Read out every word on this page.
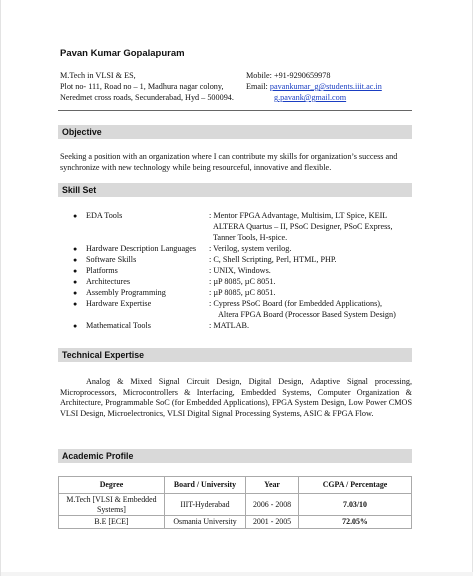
Pavan Kumar Gopalapuram
M.Tech in VLSI & ES,
Plot no- 111, Road no – 1, Madhura nagar colony,
Neredmet cross roads, Secunderabad, Hyd – 500094.
Mobile: +91-9290659978
Email: pavankumar_g@students.iiit.ac.in
g.pavank@gmail.com
Objective
Seeking a position with an organization where I can contribute my skills for organization’s success and synchronize with new technology while being resourceful, innovative and flexible.
Skill Set
● EDA Tools	: Mentor FPGA Advantage, Multisim, LT Spice, KEIL
ALTERA Quartus – II, PSoC Designer, PSoC Express,
Tanner Tools, H-spice.
● Hardware Description Languages : Verilog, system verilog.
● Software Skills	: C, Shell Scripting, Perl, HTML, PHP.
● Platforms	: UNIX, Windows.
● Architectures	: µP 8085, µC 8051.
● Assembly Programming	: µP 8085, µC 8051.
● Hardware Expertise	: Cypress PSoC Board (for Embedded Applications),
Altera FPGA Board (Processor Based System Design)
● Mathematical Tools	: MATLAB.
Technical Expertise
Analog & Mixed Signal Circuit Design, Digital Design, Adaptive Signal processing, Microprocessors, Microcontrollers & Interfacing, Embedded Systems, Computer Organization & Architecture, Programmable SoC (for Embedded Applications), FPGA System Design, Low Power CMOS VLSI Design, Microelectronics, VLSI Digital Signal Processing Systems, ASIC & FPGA Flow.
Academic Profile
Degree	Board / University	Year	CGPA / Percentage
M.Tech [VLSI & Embedded Systems]	IIIT-Hyderabad	2006 - 2008	7.03/10
B.E [ECE]	Osmania University	2001 - 2005	72.05%
